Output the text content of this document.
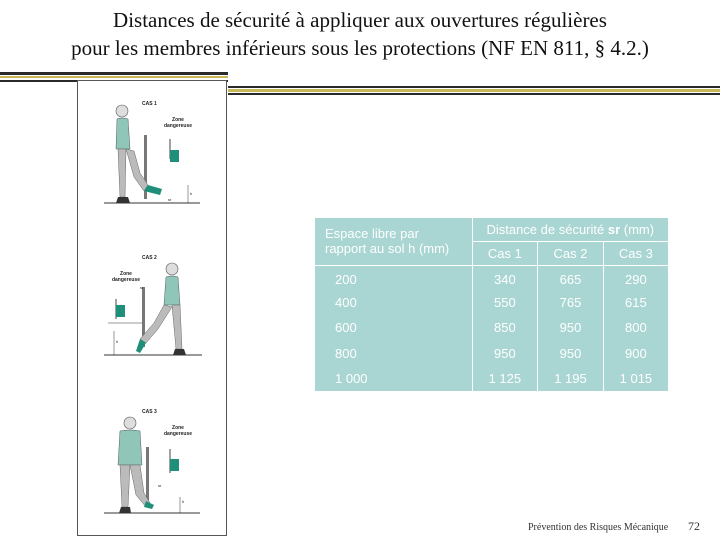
Distances de sécurité à appliquer aux ouvertures régulières
pour les membres inférieurs sous les protections (NF EN 811, § 4.2.)
CAS 1
Zone
dangereuse
h
sr
CAS 2
Zone
dangereuse
h
sr
CAS 3
Zone
dangereuse
h
sr
Espace libre par
rapport au sol h (mm)	Distance de sécurité sr (mm)		
	Cas 1	Cas 2	Cas 3
200	340	665	290
400	550	765	615
600	850	950	800
800	950	950	900
1 000	1 125	1 195	1 015
Prévention des Risques Mécanique 72
